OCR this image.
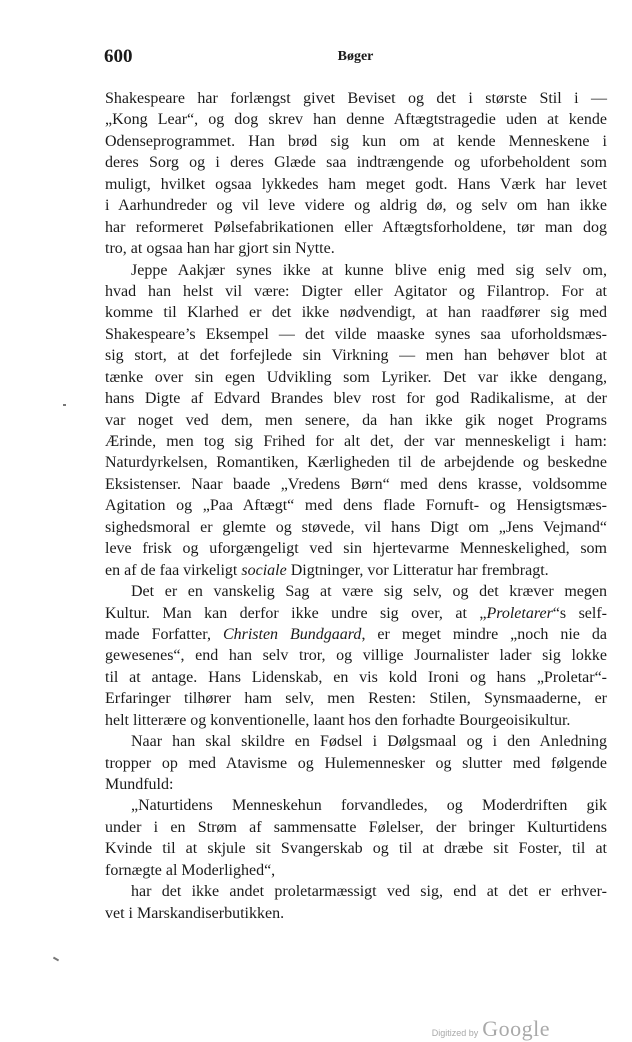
600	Bøger
Shakespeare har forlængst givet Beviset og det i største Stil i —
„Kong Lear“, og dog skrev han denne Aftægtstragedie uden at kende
Odenseprogrammet. Han brød sig kun om at kende Menneskene i
deres Sorg og i deres Glæde saa indtrængende og uforbeholdent som
muligt, hvilket ogsaa lykkedes ham meget godt. Hans Værk har levet
i Aarhundreder og vil leve videre og aldrig dø, og selv om han ikke
har reformeret Pølsefabrikationen eller Aftægtsforholdene, tør man dog
tro, at ogsaa han har gjort sin Nytte.
Jeppe Aakjær synes ikke at kunne blive enig med sig selv om,
hvad han helst vil være: Digter eller Agitator og Filantrop. For at
komme til Klarhed er det ikke nødvendigt, at han raadfører sig med
Shakespeare’s Eksempel — det vilde maaske synes saa uforholdsmæs-
sig stort, at det forfejlede sin Virkning — men han behøver blot at
tænke over sin egen Udvikling som Lyriker. Det var ikke dengang,
hans Digte af Edvard Brandes blev rost for god Radikalisme, at der
var noget ved dem, men senere, da han ikke gik noget Programs
Ærinde, men tog sig Frihed for alt det, der var menneskeligt i ham:
Naturdyrkelsen, Romantiken, Kærligheden til de arbejdende og beskedne
Eksistenser. Naar baade „Vredens Børn“ med dens krasse, voldsomme
Agitation og „Paa Aftægt“ med dens flade Fornuft- og Hensigtsmæs-
sighedsmoral er glemte og støvede, vil hans Digt om „Jens Vejmand“
leve frisk og uforgængeligt ved sin hjertevarme Menneskelighed, som
en af de faa virkeligt sociale Digtninger, vor Litteratur har frembragt.
Det er en vanskelig Sag at være sig selv, og det kræver megen
Kultur. Man kan derfor ikke undre sig over, at „Proletarer“s self-
made Forfatter, Christen Bundgaard, er meget mindre „noch nie da
gewesenes“, end han selv tror, og villige Journalister lader sig lokke
til at antage. Hans Lidenskab, en vis kold Ironi og hans „Proletar“-
Erfaringer tilhører ham selv, men Resten: Stilen, Synsmaaderne, er
helt litterære og konventionelle, laant hos den forhadte Bourgeoisikultur.
Naar han skal skildre en Fødsel i Dølgsmaal og i den Anledning
tropper op med Atavisme og Hulemennesker og slutter med følgende
Mundfuld:
„Naturtidens Menneskehun forvandledes, og Moderdriften gik
under i en Strøm af sammensatte Følelser, der bringer Kulturtidens
Kvinde til at skjule sit Svangerskab og til at dræbe sit Foster, til at
fornægte al Moderlighed“,
har det ikke andet proletarmæssigt ved sig, end at det er erhver-
vet i Marskandiserbutikken.
Digitized by Google
